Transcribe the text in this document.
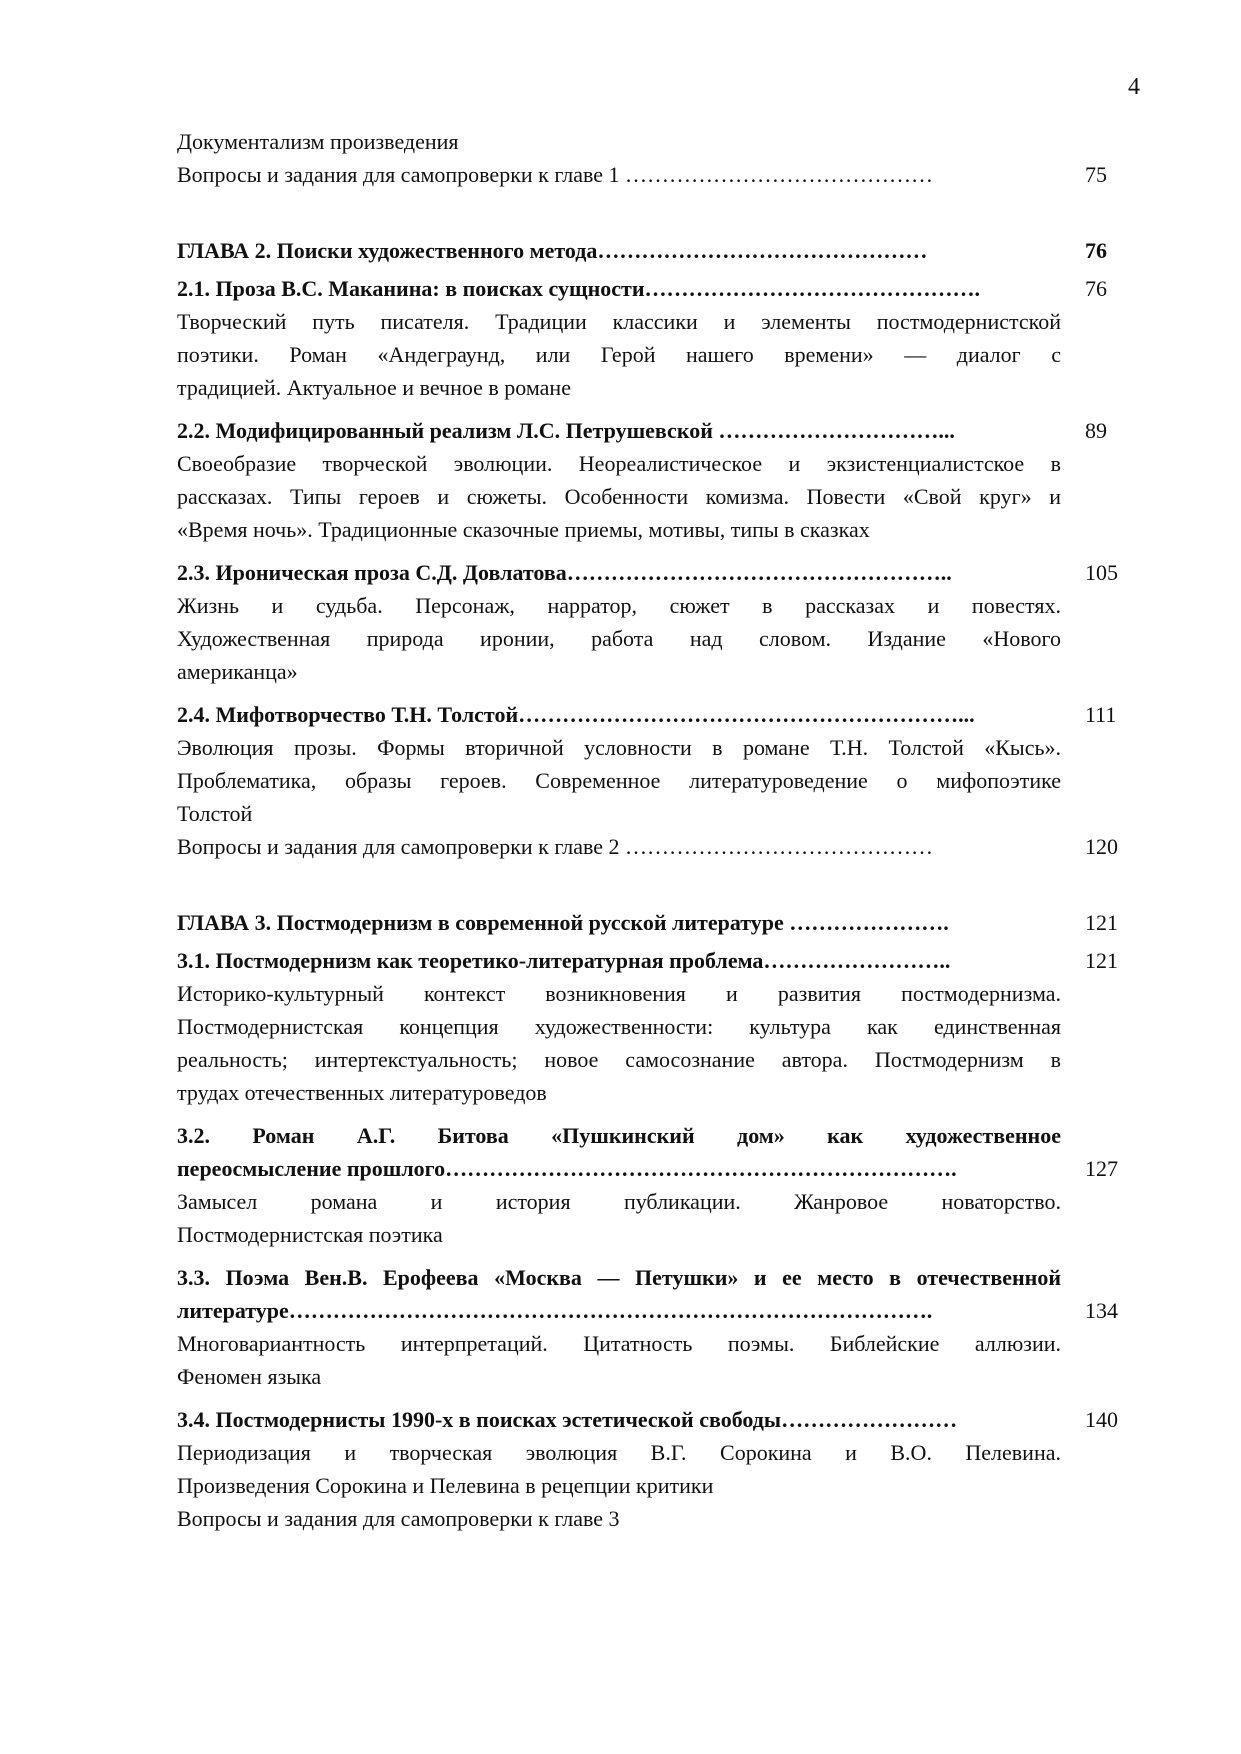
4
Документализм произведения
Вопросы и задания для самопроверки к главе 1 ……………………………………	75
ГЛАВА 2. Поиски художественного метода………………………………………	76
2.1. Проза В.С. Маканина: в поисках сущности……………………………………….	76
Творческий путь писателя. Традиции классики и элементы постмодернистской
поэтики. Роман «Андеграунд, или Герой нашего времени» — диалог с
традицией. Актуальное и вечное в романе
2.2. Модифицированный реализм Л.С. Петрушевской …………………………...	89
Своеобразие творческой эволюции. Неореалистическое и экзистенциалистское в
рассказах. Типы героев и сюжеты. Особенности комизма. Повести «Свой круг» и
«Время ночь». Традиционные сказочные приемы, мотивы, типы в сказках
2.3. Ироническая проза С.Д. Довлатова……………………………………………..	105
Жизнь и судьба. Персонаж, нарратор, сюжет в рассказах и повестях.
Художественная природа иронии, работа над словом. Издание «Нового
американца»
2.4. Мифотворчество Т.Н. Толстой……………………………………………………...	111
Эволюция прозы. Формы вторичной условности в романе Т.Н. Толстой «Кысь».
Проблематика, образы героев. Современное литературоведение о мифопоэтике
Толстой
Вопросы и задания для самопроверки к главе 2 ……………………………………	120
ГЛАВА 3. Постмодернизм в современной русской литературе ………………….	121
3.1. Постмодернизм как теоретико-литературная проблема……………………..	121
Историко-культурный контекст возникновения и развития постмодернизма.
Постмодернистская концепция художественности: культура как единственная
реальность; интертекстуальность; новое самосознание автора. Постмодернизм в
трудах отечественных литературоведов
3.2. Роман А.Г. Битова «Пушкинский дом» как художественное
переосмысление прошлого…………………………………………………………….	127
Замысел романа и история публикации. Жанровое новаторство.
Постмодернистская поэтика
3.3. Поэма Вен.В. Ерофеева «Москва — Петушки» и ее место в отечественной
литературе…………………………………………………………………………….	134
Многовариантность интерпретаций. Цитатность поэмы. Библейские аллюзии.
Феномен языка
3.4. Постмодернисты 1990-х в поисках эстетической свободы……………………	140
Периодизация и творческая эволюция В.Г. Сорокина и В.О. Пелевина.
Произведения Сорокина и Пелевина в рецепции критики
Вопросы и задания для самопроверки к главе 3
